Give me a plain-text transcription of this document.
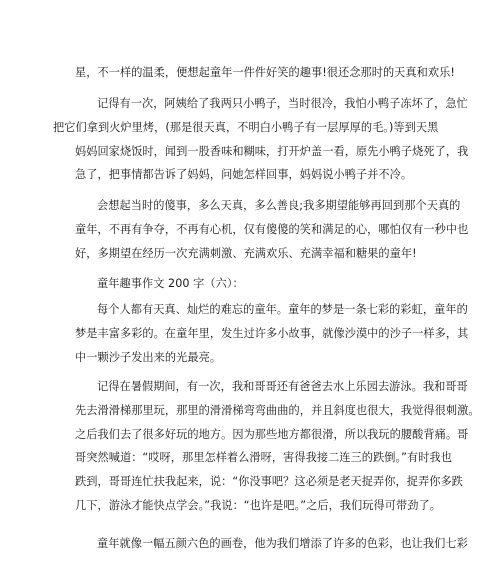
星，不一样的温柔，便想起童年一件件好笑的趣事!很还念那时的天真和欢乐!

记得有一次，阿姨给了我两只小鸭子，当时很冷，我怕小鸭子冻坏了，急忙
把它们拿到火炉里烤，(那是很天真，不明白小鸭子有一层厚厚的毛。)等到天黑
妈妈回家烧饭时，闻到一股香味和糊味，打开炉盖一看，原先小鸭子烧死了，我
急了，把事情都告诉了妈妈，问她怎样回事，妈妈说小鸭子并不冷。

会想起当时的傻事，多么天真，多么善良;我多期望能够再回到那个天真的
童年，不再有争夺，不再有心机，仅有傻傻的笑和满足的心，哪怕仅有一秒中也
好，多期望在经历一次充满刺激、充满欢乐、充满幸福和糖果的童年!

童年趣事作文 200 字（六）：

每个人都有天真、灿烂的难忘的童年。童年的梦是一条七彩的彩虹，童年的
梦是丰富多彩的。在童年里，发生过许多小故事，就像沙漠中的沙子一样多，其
中一颗沙子发出来的光最亮。

记得在暑假期间，有一次，我和哥哥还有爸爸去水上乐园去游泳。我和哥哥
先去滑滑梯那里玩，那里的滑滑梯弯弯曲曲的，并且斜度也很大，我觉得很刺激。
之后我们去了很多好玩的地方。因为那些地方都很滑，所以我玩的腰酸背痛。哥
哥突然喊道：“哎呀，那里怎样着么滑呀，害得我接二连三的跌倒。”有时我也
跌到，哥哥连忙扶我起来，说：“你没事吧？这必须是老天捉弄你，捉弄你多跌
几下，游泳才能快点学会。”我说：“也许是吧。”之后，我们玩得可带劲了。

童年就像一幅五颜六色的画卷，他为我们增添了许多的色彩，也让我们七彩
